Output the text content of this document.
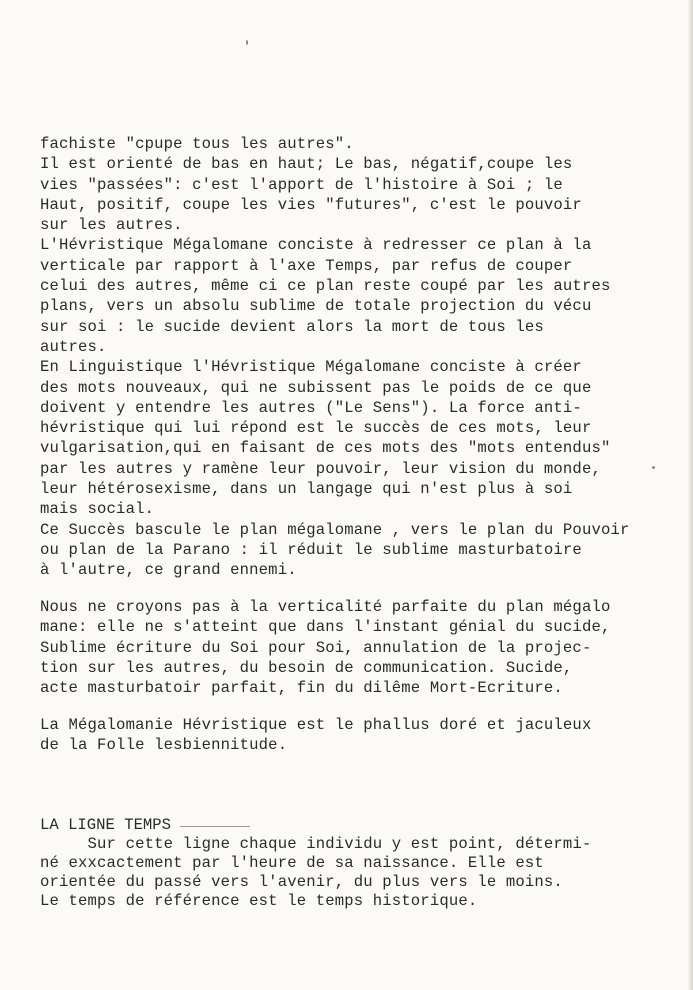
fachiste "cpupe tous les autres".
Il est orienté de bas en haut; Le bas, négatif,coupe les
vies "passées": c'est l'apport de l'histoire à Soi ; le
Haut, positif, coupe les vies "futures", c'est le pouvoir
sur les autres.
L'Hévristique Mégalomane conciste à redresser ce plan à la
verticale par rapport à l'axe Temps, par refus de couper
celui des autres, même ci ce plan reste coupé par les autres
plans, vers un absolu sublime de totale projection du vécu
sur soi : le sucide devient alors la mort de tous les
autres.
En Linguistique l'Hévristique Mégalomane conciste à créer
des mots nouveaux, qui ne subissent pas le poids de ce que
doivent y entendre les autres ("Le Sens"). La force anti-
hévristique qui lui répond est le succès de ces mots, leur
vulgarisation,qui en faisant de ces mots des "mots entendus"
par les autres y ramène leur pouvoir, leur vision du monde,
leur hétérosexisme, dans un langage qui n'est plus à soi
mais social.
Ce Succès bascule le plan mégalomane , vers le plan du Pouvoir
ou plan de la Parano : il réduit le sublime masturbatoire
à l'autre, ce grand ennemi.
Nous ne croyons pas à la verticalité parfaite du plan mégalo
mane: elle ne s'atteint que dans l'instant génial du sucide,
Sublime écriture du Soi pour Soi, annulation de la projec-
tion sur les autres, du besoin de communication. Sucide,
acte masturbatoir parfait, fin du dilême Mort-Ecriture.
La Mégalomanie Hévristique est le phallus doré et jaculeux
de la Folle lesbiennitude.
LA LIGNE TEMPS
Sur cette ligne chaque individu y est point, détermi-
né exxcactement par l'heure de sa naissance. Elle est
orientée du passé vers l'avenir, du plus vers le moins.
Le temps de référence est le temps historique.
